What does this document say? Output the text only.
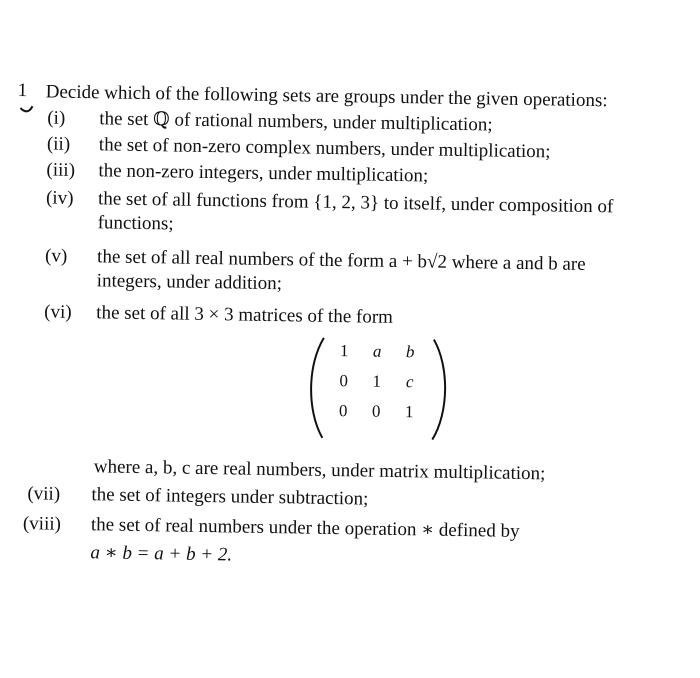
1 Decide which of the following sets are groups under the given operations:
(i) the set ℚ of rational numbers, under multiplication;
(ii) the set of non-zero complex numbers, under multiplication;
(iii) the non-zero integers, under multiplication;
(iv) the set of all functions from {1, 2, 3} to itself, under composition of
functions;
(v) the set of all real numbers of the form a + b√2 where a and b are
integers, under addition;
(vi) the set of all 3 × 3 matrices of the form
1	a	b
0	1	c
0	0	1
where a, b, c are real numbers, under matrix multiplication;
(vii) the set of integers under subtraction;
(viii) the set of real numbers under the operation ∗ defined by
a ∗ b = a + b + 2.
